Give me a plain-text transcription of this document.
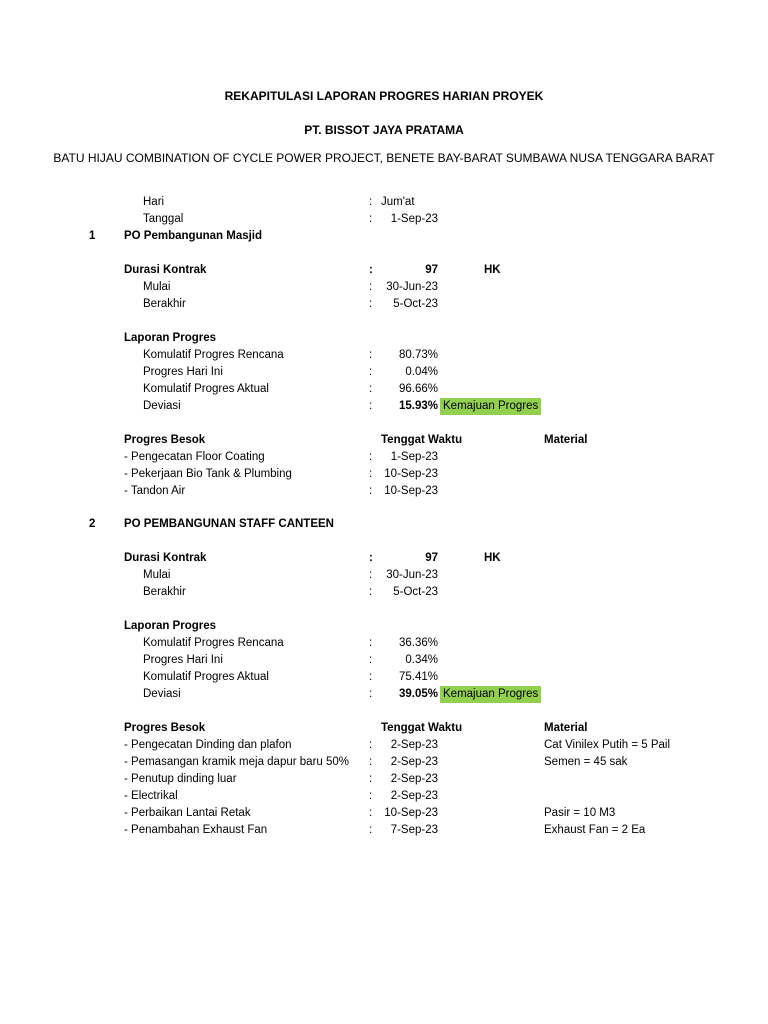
REKAPITULASI LAPORAN PROGRES HARIAN PROYEK
PT. BISSOT JAYA PRATAMA
BATU HIJAU COMBINATION OF CYCLE POWER PROJECT, BENETE BAY-BARAT SUMBAWA NUSA TENGGARA BARAT
Hari	: Jum'at
Tanggal	:	1-Sep-23
1 PO Pembangunan Masjid
Durasi Kontrak	:	97	HK
Mulai	:	30-Jun-23
Berakhir	:	5-Oct-23
Laporan Progres
Komulatif Progres Rencana	:	80.73%
Progres Hari Ini	:	0.04%
Komulatif Progres Aktual	:	96.66%
Deviasi	:	15.93% Kemajuan Progres
Progres Besok	Tenggat Waktu	Material
- Pengecatan Floor Coating	:	1-Sep-23
- Pekerjaan Bio Tank & Plumbing	:	10-Sep-23
- Tandon Air	:	10-Sep-23
2 PO PEMBANGUNAN STAFF CANTEEN
Durasi Kontrak	:	97	HK
Mulai	:	30-Jun-23
Berakhir	:	5-Oct-23
Laporan Progres
Komulatif Progres Rencana	:	36.36%
Progres Hari Ini	:	0.34%
Komulatif Progres Aktual	:	75.41%
Deviasi	:	39.05% Kemajuan Progres
Progres Besok	Tenggat Waktu	Material
- Pengecatan Dinding dan plafon	:	2-Sep-23	Cat Vinilex Putih = 5 Pail
- Pemasangan kramik meja dapur baru 50% :	2-Sep-23	Semen = 45 sak
- Penutup dinding luar	:	2-Sep-23
- Electrikal	:	2-Sep-23
- Perbaikan Lantai Retak	:	10-Sep-23	Pasir = 10 M3
- Penambahan Exhaust Fan	:	7-Sep-23	Exhaust Fan = 2 Ea
